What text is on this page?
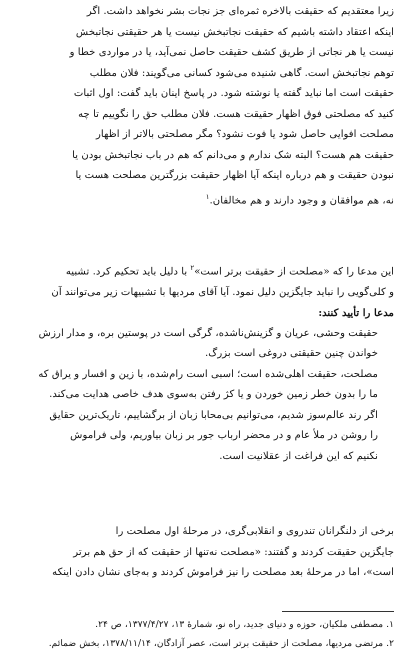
زیرا معتقدیم که حقیقت بالاخره ثمره‌ای جز نجات بشر نخواهد داشت. اگر

اینکه اعتقاد داشته باشیم که حقیقت نجاتبخش نیست یا هر حقیقتی نجاتبخش

نیست یا هر نجاتی از طریق کشف حقیقت حاصل نمی‌آید، یا در مواردی خطا و

توهم نجاتبخش است. گاهی شنیده می‌شود کسانی می‌گویند: فلان مطلب

حقیقت است اما نباید گفته یا نوشته شود. در پاسخ اینان باید گفت: اول اثبات

کنید که مصلحتی فوق اظهار حقیقت هست. فلان مطلب حق را نگوییم تا چه

مصلحت افوایی حاصل شود یا فوت نشود؟ مگر مصلحتی بالاتر از اظهار

حقیقت هم هست؟ البته شک ندارم و می‌دانم که هم در باب نجاتبخش بودن یا

نبودن حقیقت و هم درباره اینکه آیا اظهار حقیقت بزرگترین مصلحت هست یا

نه، هم موافقان و وجود دارند و هم مخالفان.$^۱$

این مدعا را که «مصلحت از حقیقت برتر است»$^۲$ با دلیل باید تحکیم کرد. تشبیه

و کلی‌گویی را نباید جایگزین دلیل نمود. آیا آقای مردیها با تشبیهات زیر می‌توانند آن

مدعا را تأیید کنند:

حقیقت وحشی، عریان و گزینش‌ناشده، گرگی است در پوستین بره، و مدار ارزش

خواندن چنین حقیقتی دروغی است بزرگ.

مصلحت، حقیقت اهلی‌شده است؛ اسبی است رام‌شده، با زین و افسار و یراق که

ما را بدون خطر زمین خوردن و یا کژ رفتن به‌سوی هدف خاصی هدایت می‌کند.

اگر رند عالم‌سوز شدیم، می‌توانیم بی‌محابا زبان از برگشاییم، تاریک‌ترین حقایق

را روشن در ملأ عام و در محضر ارباب جور بر زبان بیاوریم، ولی فراموش

نکنیم که این فراغت از عقلانیت است.

برخی از دلنگرانان تندروی و انقلابی‌گری، در مرحلهٔ اول مصلحت را

جایگزین حقیقت کردند و گفتند: «مصلحت نه‌تنها از حقیقت که از حق هم برتر

است»، اما در مرحلهٔ بعد مصلحت را نیز فراموش کردند و به‌جای نشان دادن اینکه

۱. مصطفی ملکیان، حوزه و دنیای جدید، راه نو، شمارهٔ ۱۳، ۱۳۷۷/۴/۲۷، ص ۲۴.
۲. مرتضی مردیها، مصلحت از حقیقت برتر است، عصر آزادگان، ۱۳۷۸/۱۱/۱۴، بخش ضمائم.
